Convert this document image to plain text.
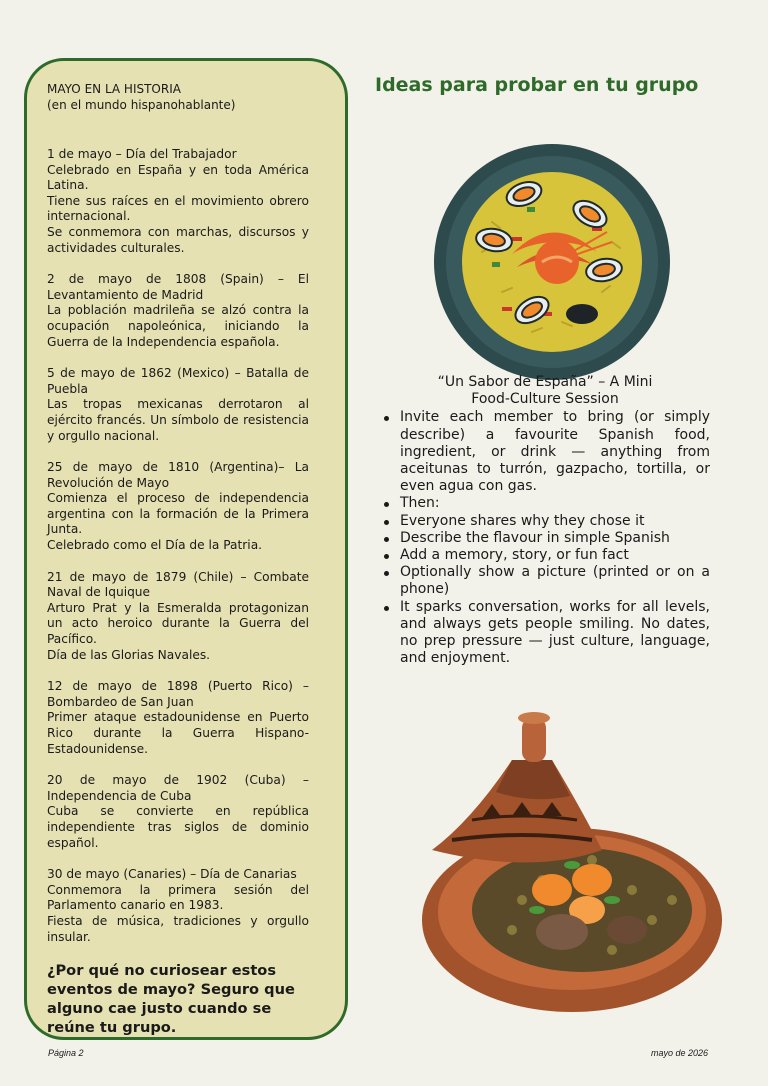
MAYO EN LA HISTORIA
(en el mundo hispanohablante)
1 de mayo – Día del Trabajador
Celebrado en España y en toda América Latina.
Tiene sus raíces en el movimiento obrero internacional.
Se conmemora con marchas, discursos y actividades culturales.
2 de mayo de 1808 (Spain) – El Levantamiento de Madrid
La población madrileña se alzó contra la ocupación napoleónica, iniciando la Guerra de la Independencia española.
5 de mayo de 1862 (Mexico) – Batalla de Puebla
Las tropas mexicanas derrotaron al ejército francés. Un símbolo de resistencia y orgullo nacional.
25 de mayo de 1810 (Argentina)– La Revolución de Mayo
Comienza el proceso de independencia argentina con la formación de la Primera Junta.
Celebrado como el Día de la Patria.
21 de mayo de 1879 (Chile) – Combate Naval de Iquique
Arturo Prat y la Esmeralda protagonizan un acto heroico durante la Guerra del Pacífico.
Día de las Glorias Navales.
12 de mayo de 1898 (Puerto Rico) – Bombardeo de San Juan
Primer ataque estadounidense en Puerto Rico durante la Guerra Hispano-Estadounidense.
20 de mayo de 1902 (Cuba) – Independencia de Cuba
Cuba se convierte en república independiente tras siglos de dominio español.
30 de mayo (Canaries) – Día de Canarias
Conmemora la primera sesión del Parlamento canario en 1983.
Fiesta de música, tradiciones y orgullo insular.
¿Por qué no curiosear estos eventos de mayo? Seguro que alguno cae justo cuando se reúne tu grupo.
Ideas para probar en tu grupo
“Un Sabor de España” – A Mini
Food-Culture Session
Invite each member to bring (or simply describe) a favourite Spanish food, ingredient, or drink — anything from aceitunas to turrón, gazpacho, tortilla, or even agua con gas.
Then:
Everyone shares why they chose it
Describe the flavour in simple Spanish
Add a memory, story, or fun fact
Optionally show a picture (printed or on a phone)
It sparks conversation, works for all levels, and always gets people smiling. No dates, no prep pressure — just culture, language, and enjoyment.
Página 2	mayo de 2026
